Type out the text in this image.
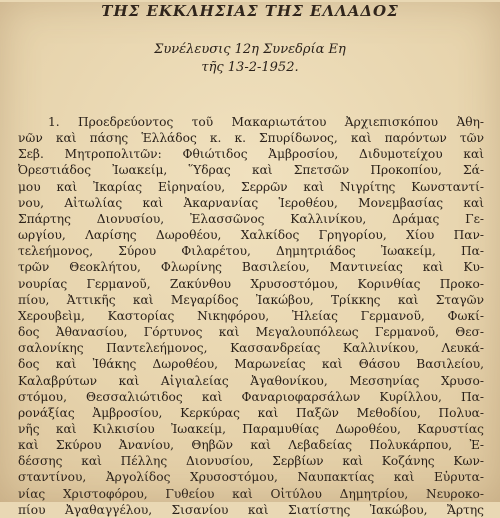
ΤΗΣ ΕΚΚΛΗΣΙΑΣ ΤΗΣ ΕΛΛΑΔΟΣ
Συνέλευσις 12η Συνεδρία Εη
τῆς 13-2-1952.
1. Προεδρεύοντος τοῦ Μακαριωτάτου Ἀρχιεπισκόπου Ἀθη-
νῶν καὶ πάσης Ἑλλάδος κ. κ. Σπυρίδωνος, καὶ παρόντων τῶν
Σεβ. Μητροπολιτῶν: Φθιώτιδος Ἀμβροσίου, Διδυμοτείχου καὶ
Ὀρεστιάδος Ἰωακείμ, Ὕδρας καὶ Σπετσῶν Προκοπίου, Σά-
μου καὶ Ἰκαρίας Εἰρηναίου, Σερρῶν καὶ Νιγρίτης Κωνσταντί-
νου, Αἰτωλίας καὶ Ἀκαρνανίας Ἱεροθέου, Μονεμβασίας καὶ
Σπάρτης Διονυσίου, Ἐλασσῶνος Καλλινίκου, Δράμας Γε-
ωργίου, Λαρίσης Δωροθέου, Χαλκίδος Γρηγορίου, Χίου Παν-
τελεήμονος, Σύρου Φιλαρέτου, Δημητριάδος Ἰωακείμ, Πα-
τρῶν Θεοκλήτου, Φλωρίνης Βασιλείου, Μαντινείας καὶ Κυ-
νουρίας Γερμανοῦ, Ζακύνθου Χρυσοστόμου, Κορινθίας Προκο-
πίου, Ἀττικῆς καὶ Μεγαρίδος Ἰακώβου, Τρίκκης καὶ Σταγῶν
Χερουβεὶμ, Καστορίας Νικηφόρου, Ἠλείας Γερμανοῦ, Φωκί-
δος Ἀθανασίου, Γόρτυνος καὶ Μεγαλουπόλεως Γερμανοῦ, Θεσ-
σαλονίκης Παντελεήμονος, Κασσανδρείας Καλλινίκου, Λευκά-
δος καὶ Ἰθάκης Δωροθέου, Μαρωνείας καὶ Θάσου Βασιλείου,
Καλαβρύτων καὶ Αἰγιαλείας Ἀγαθονίκου, Μεσσηνίας Χρυσο-
στόμου, Θεσσαλιώτιδος καὶ Φαναριοφαρσάλων Κυρίλλου, Πα-
ρονάξίας Ἀμβροσίου, Κερκύρας καὶ Παξῶν Μεθοδίου, Πολυα-
νῆς καὶ Κιλκισίου Ἰωακείμ, Παραμυθίας Δωροθέου, Καρυστίας
καὶ Σκύρου Ἀνανίου, Θηβῶν καὶ Λεβαδείας Πολυκάρπου, Ἐ-
δέσσης καὶ Πέλλης Διονυσίου, Σερβίων καὶ Κοζάνης Κων-
σταντίνου, Ἀργολίδος Χρυσοστόμου, Ναυπακτίας καὶ Εὐρυτα-
νίας Χριστοφόρου, Γυθείου καὶ Οἰτύλου Δημητρίου, Νευροκο-
πίου Ἀγαθαγγέλου, Σισανίου καὶ Σιατίστης Ἰακώβου, Ἄρτης
